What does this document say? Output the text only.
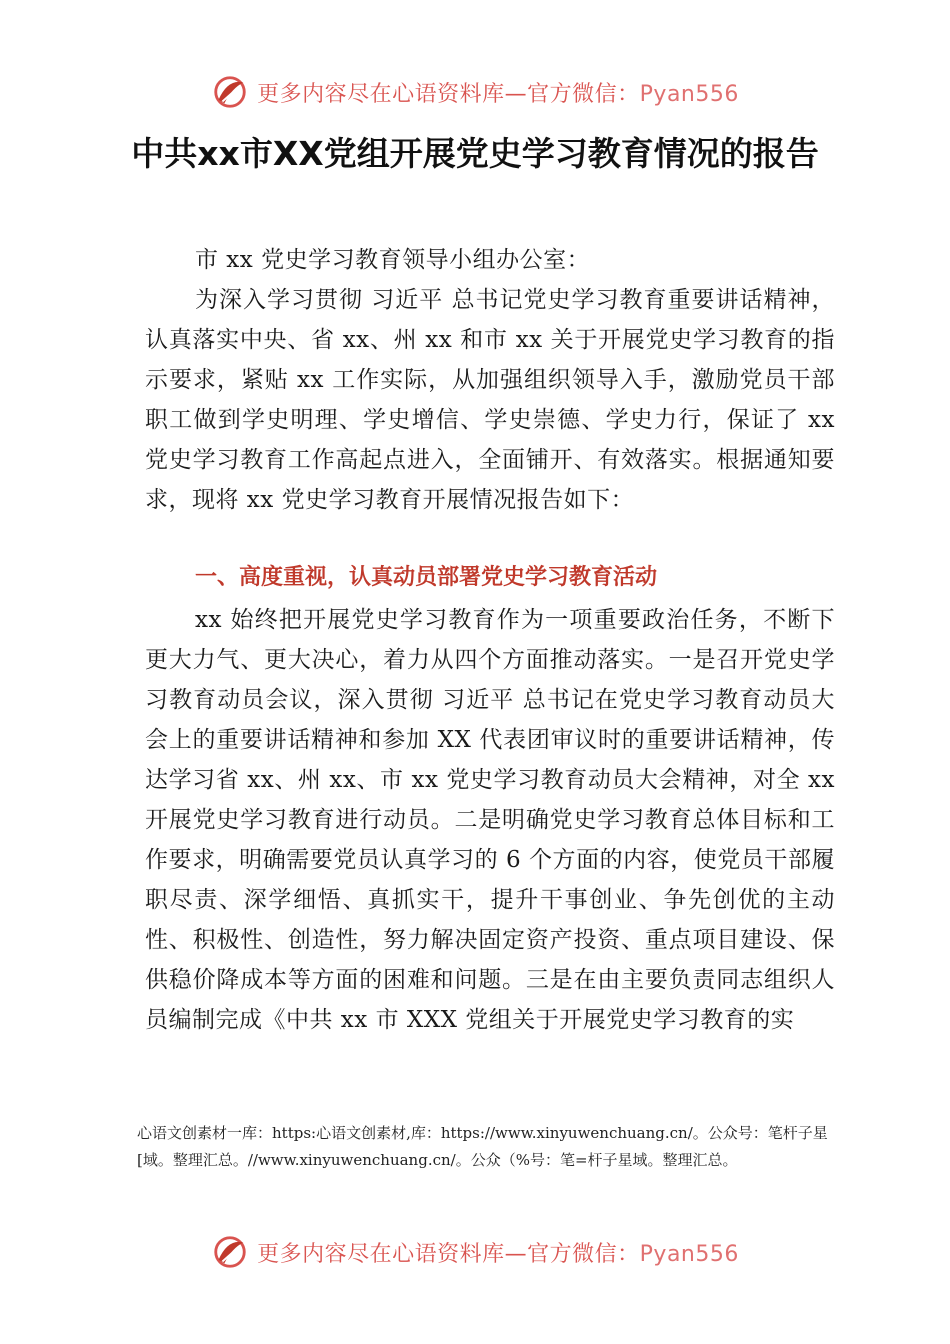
更多内容尽在心语资料库—官方微信：Pyan556
中共xx市XX党组开展党史学习教育情况的报告
市 xx 党史学习教育领导小组办公室：

为深入学习贯彻 习近平 总书记党史学习教育重要讲话精神， 认真落实中央、省 xx、州 xx 和市 xx 关于开展党史学习教育的指示要求，紧贴 xx 工作实际，从加强组织领导入手，激励党员干部职工做到学史明理、学史增信、学史崇德、学史力行，保证了 xx 党史学习教育工作高起点进入，全面铺开、有效落实。根据通知要求，现将 xx 党史学习教育开展情况报告如下：

一、高度重视，认真动员部署党史学习教育活动

xx 始终把开展党史学习教育作为一项重要政治任务，不断下更大力气、更大决心，着力从四个方面推动落实。一是召开党史学习教育动员会议，深入贯彻 习近平 总书记在党史学习教育动员大会上的重要讲话精神和参加 XX 代表团审议时的重要讲话精神，传达学习省 xx、州 xx、市 xx 党史学习教育动员大会精神，对全 xx 开展党史学习教育进行动员。二是明确党史学习教育总体目标和工作要求，明确需要党员认真学习的 6 个方面的内容，使党员干部履职尽责、深学细悟、真抓实干，提升干事创业、争先创优的主动性、积极性、创造性，努力解决固定资产投资、重点项目建设、保供稳价降成本等方面的困难和问题。三是在由主要负责同志组织人员编制完成《中共 xx 市 XXX 党组关于开展党史学习教育的实

心语文创素材一库：https:心语文创素材,库：https://www.xinyuwenchuang.cn/。公众号：笔杆子星[域。整理汇总。//www.xinyuwenchuang.cn/。公众（%号：笔=杆子星域。整理汇总。
更多内容尽在心语资料库—官方微信：Pyan556
